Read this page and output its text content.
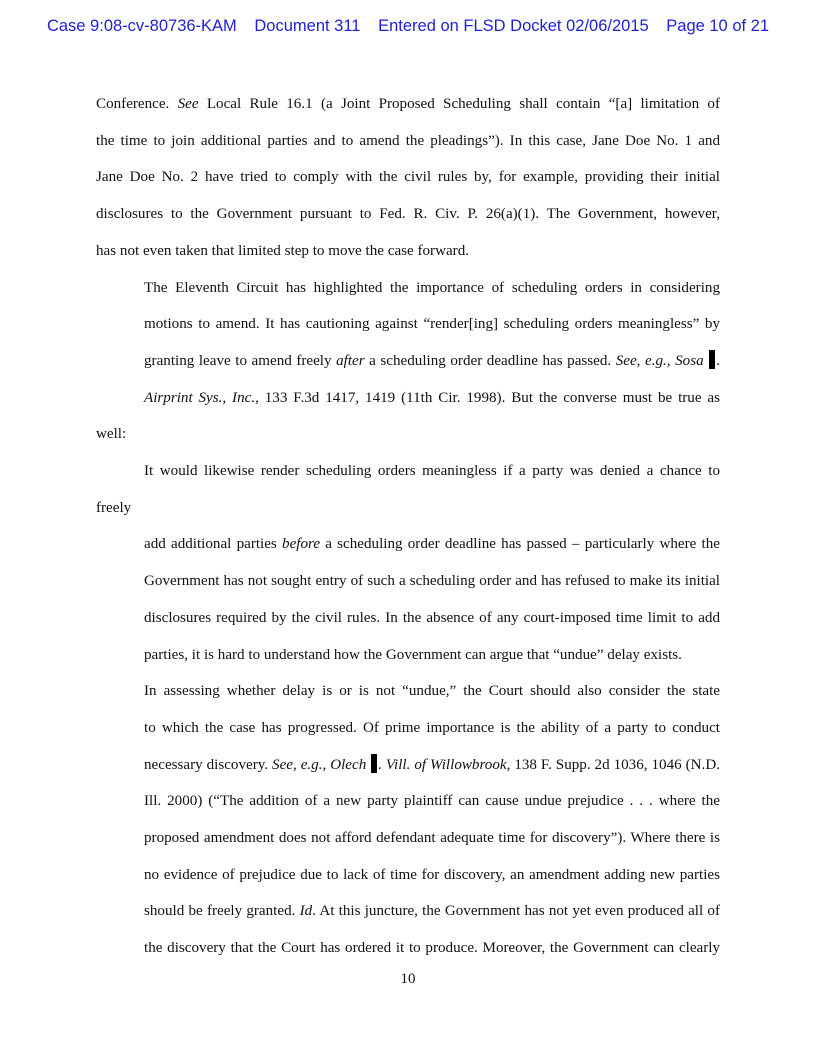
Case 9:08-cv-80736-KAM Document 311 Entered on FLSD Docket 02/06/2015 Page 10 of 21

Conference. See Local Rule 16.1 (a Joint Proposed Scheduling shall contain “[a] limitation of
the time to join additional parties and to amend the pleadings”). In this case, Jane Doe No. 1 and
Jane Doe No. 2 have tried to comply with the civil rules by, for example, providing their initial
disclosures to the Government pursuant to Fed. R. Civ. P. 26(a)(1). The Government, however,
has not even taken that limited step to move the case forward.

The Eleventh Circuit has highlighted the importance of scheduling orders in considering
motions to amend. It has cautioning against “render[ing] scheduling orders meaningless” by
granting leave to amend freely after a scheduling order deadline has passed. See, e.g., Sosa .
Airprint Sys., Inc., 133 F.3d 1417, 1419 (11th Cir. 1998). But the converse must be true as well:
It would likewise render scheduling orders meaningless if a party was denied a chance to freely
add additional parties before a scheduling order deadline has passed – particularly where the
Government has not sought entry of such a scheduling order and has refused to make its initial
disclosures required by the civil rules. In the absence of any court-imposed time limit to add
parties, it is hard to understand how the Government can argue that “undue” delay exists.

In assessing whether delay is or is not “undue,” the Court should also consider the state
to which the case has progressed. Of prime importance is the ability of a party to conduct
necessary discovery. See, e.g., Olech . Vill. of Willowbrook, 138 F. Supp. 2d 1036, 1046 (N.D.
Ill. 2000) (“The addition of a new party plaintiff can cause undue prejudice . . . where the
proposed amendment does not afford defendant adequate time for discovery”). Where there is
no evidence of prejudice due to lack of time for discovery, an amendment adding new parties
should be freely granted. Id. At this juncture, the Government has not yet even produced all of
the discovery that the Court has ordered it to produce. Moreover, the Government can clearly

10
